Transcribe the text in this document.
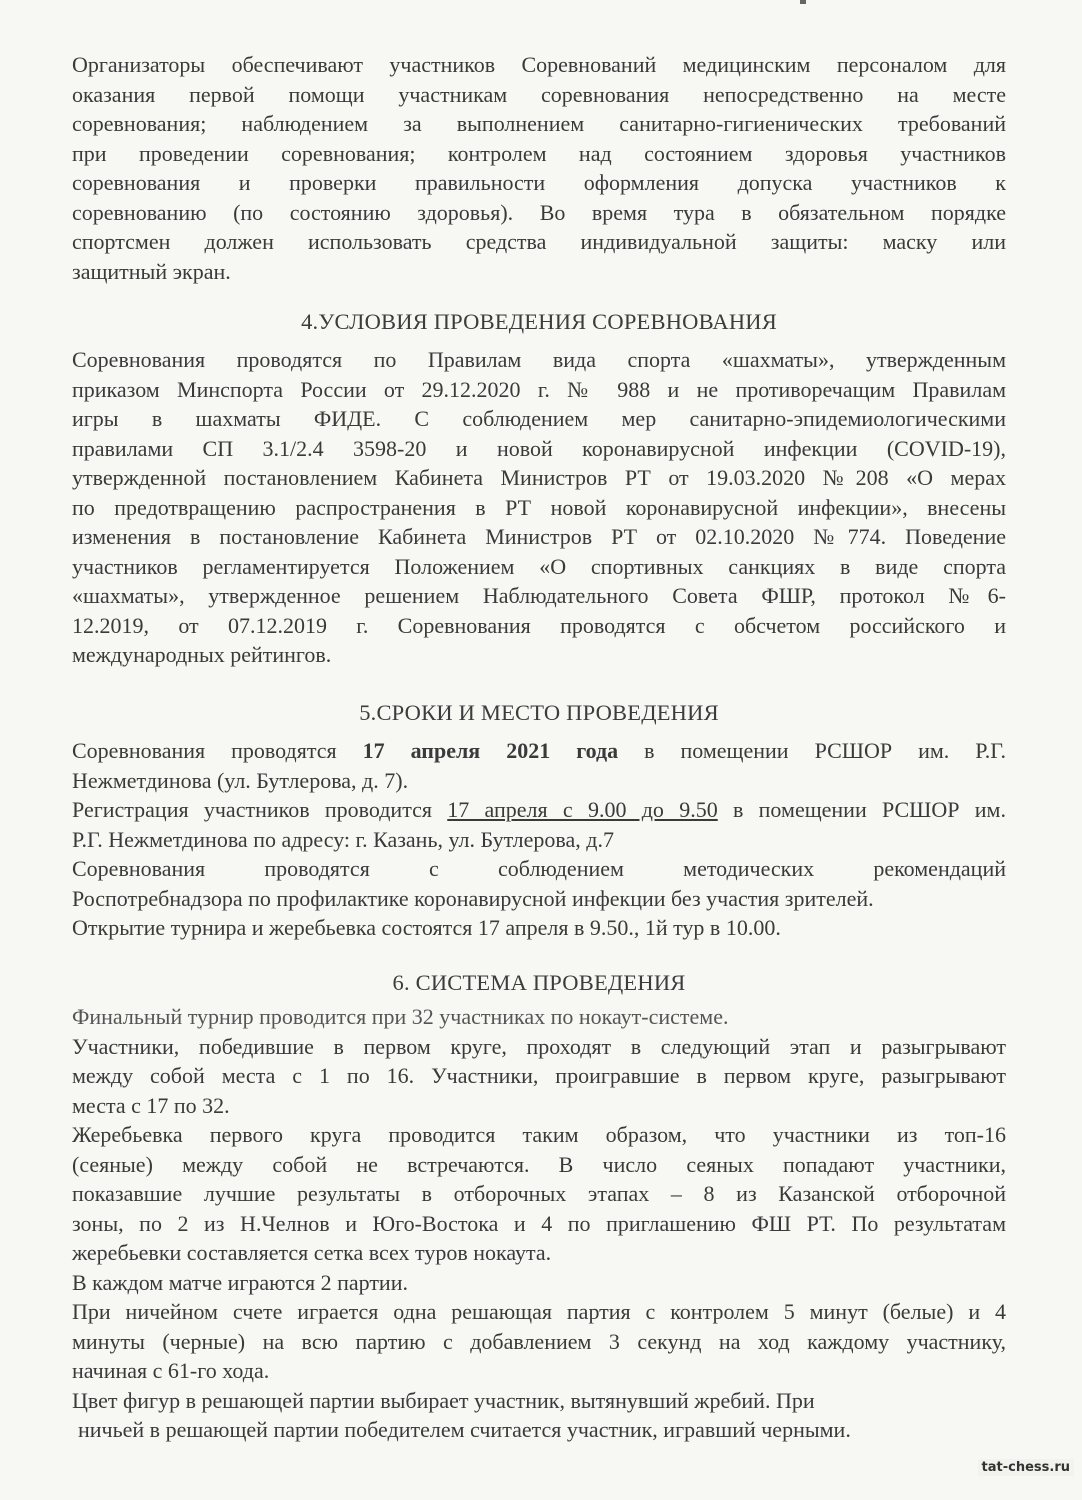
Организаторы обеспечивают участников Соревнований медицинским персоналом для

оказания первой помощи участникам соревнования непосредственно на месте

соревнования; наблюдением за выполнением санитарно-гигиенических требований

при проведении соревнования; контролем над состоянием здоровья участников

соревнования и проверки правильности оформления допуска участников к

соревнованию (по состоянию здоровья). Во время тура в обязательном порядке

спортсмен должен использовать средства индивидуальной защиты: маску или

защитный экран.

4.УСЛОВИЯ ПРОВЕДЕНИЯ СОРЕВНОВАНИЯ

Соревнования проводятся по Правилам вида спорта «шахматы», утвержденным

приказом Минспорта России от 29.12.2020 г. № 988 и не противоречащим Правилам

игры в шахматы ФИДЕ. С соблюдением мер санитарно-эпидемиологическими

правилами СП 3.1/2.4 3598-20 и новой коронавирусной инфекции (COVID-19),

утвержденной постановлением Кабинета Министров РТ от 19.03.2020 №208 «О мерах

по предотвращению распространения в РТ новой коронавирусной инфекции», внесены

изменения в постановление Кабинета Министров РТ от 02.10.2020 №774. Поведение

участников регламентируется Положением «О спортивных санкциях в виде спорта

«шахматы», утвержденное решением Наблюдательного Совета ФШР, протокол №6-

12.2019, от 07.12.2019 г. Соревнования проводятся с обсчетом российского и

международных рейтингов.

5.СРОКИ И МЕСТО ПРОВЕДЕНИЯ

Соревнования проводятся 17 апреля 2021 года в помещении РСШОР им. Р.Г.

Нежметдинова (ул. Бутлерова, д. 7).

Регистрация участников проводится 17 апреля с 9.00 до 9.50 в помещении РСШОР им.

Р.Г. Нежметдинова по адресу: г. Казань, ул. Бутлерова, д.7

Соревнования проводятся с соблюдением методических рекомендаций

Роспотребнадзора по профилактике коронавирусной инфекции без участия зрителей.

Открытие турнира и жеребьевка состоятся 17 апреля в 9.50., 1й тур в 10.00.

6. СИСТЕМА ПРОВЕДЕНИЯ

Финальный турнир проводится при 32 участниках по нокаут-системе.

Участники, победившие в первом круге, проходят в следующий этап и разыгрывают

между собой места с 1 по 16. Участники, проигравшие в первом круге, разыгрывают

места с 17 по 32.

Жеребьевка первого круга проводится таким образом, что участники из топ-16

(сеяные) между собой не встречаются. В число сеяных попадают участники,

показавшие лучшие результаты в отборочных этапах – 8 из Казанской отборочной

зоны, по 2 из Н.Челнов и Юго-Востока и 4 по приглашению ФШ РТ. По результатам

жеребьевки составляется сетка всех туров нокаута.

В каждом матче играются 2 партии.

При ничейном счете играется одна решающая партия с контролем 5 минут (белые) и 4

минуты (черные) на всю партию с добавлением 3 секунд на ход каждому участнику,

начиная с 61-го хода.

Цвет фигур в решающей партии выбирает участник, вытянувший жребий. При

ничьей в решающей партии победителем считается участник, игравший черными.

tat-chess.ru
